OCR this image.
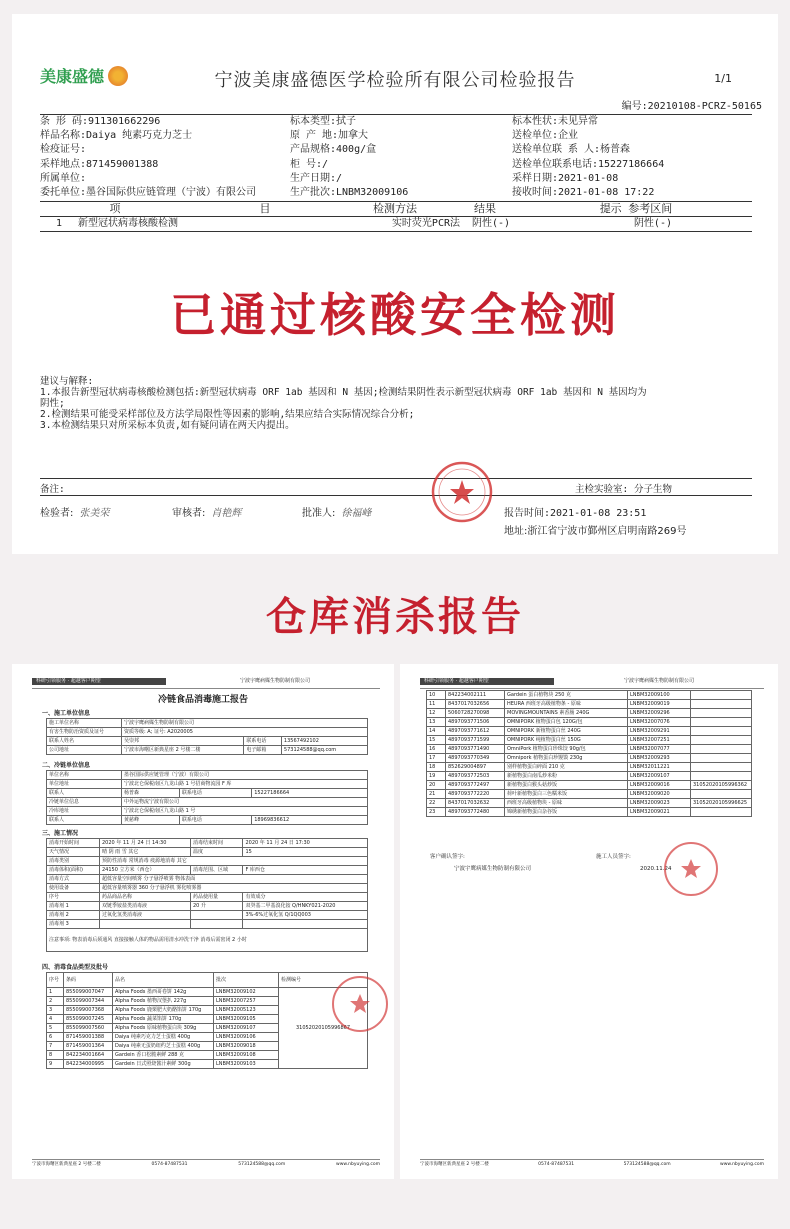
美康盛德	宁波美康盛德医学检验所有限公司检验报告	1/1
编号:20210108-PCRZ-50165
条 形 码:911301662296	标本类型:拭子	标本性状:未见异常
样品名称:Daiya 纯素巧克力芝士	原 产 地:加拿大	送检单位:企业
检疫证号:	产品规格:400g/盒	送检单位联 系 人:杨普森
采样地点:871459001388	柜 号:/	送检单位联系电话:15227186664
所属单位:	生产日期:/	采样日期:2021-01-08
委托单位:墨谷国际供应链管理（宁波）有限公司	生产批次:LNBM32009106	接收时间:2021-01-08 17:22
项	目	检测方法	结果	提示 参考区间
1	新型冠状病毒核酸检测	实时荧光PCR法	阴性(-)	阴性(-)
已通过核酸安全检测
建议与解释:
1.本报告新型冠状病毒核酸检测包括:新型冠状病毒 ORF 1ab 基因和 N 基因;检测结果阴性表示新型冠状病毒 ORF 1ab 基因和 N 基因均为
阴性;
2.检测结果可能受采样部位及方法学局限性等因素的影响,结果应结合实际情况综合分析;
3.本检测结果只对所采标本负责,如有疑问请在两天内提出。
备注:	主检实验室: 分子生物
检验者: 张美荣	审核者: 肖艳辉	批准人: 徐福峰	报告时间:2021-01-08 23:51
地址:浙江省宁波市鄞州区启明南路269号
仓库消杀报告
科研引领服务 · 超越客户期望	宁波宇鹰病媒生物防制有限公司
冷链食品消毒施工报告
一、施工单位信息
施工单位名称	宁波宇鹰病媒生物防制有限公司		
有害生物防治资质及证号	资质等级: A; 证号: A2020005		
联系人姓名	吴崇邦	联系电话	13567492102
公司地址	宁波市海曙区新典星座 2 号楼二楼	电子邮箱	573124588@qq.com
二、冷链单位信息
单位名称	墨谷国际供应链管理（宁波）有限公司		
单位地址	宁波北仑保税南区九龙山路 1 号招商物流园 F 库		
联系人	杨普森	联系电话	15227186664
冷链单位信息	中外运物流宁波有限公司		
冷库地址	宁波北仑保税南区九龙山路 1 号		
联系人	黄慈峰	联系电话	18969836612
三、施工情况
消毒开始时间	2020 年 11 月 24 日 14:30	消毒结束时间	2020 年 11 月 24 日 17:30
天气情况	晴 阴 雨 雪 其它	温度	15
消毒类别	预防性消毒 常规消毒 疫源地消毒 其它		
消毒体积(面积)	24150 立方米（西仓）	消毒范围、区域	F 库西仓
消毒方式	超低容量空间喷雾 分子悬浮喷雾 物体表面		
使用设备	超低容量喷雾器 360 分子悬浮机 雾化喷雾器		
序号	药品商品名称	药品使用量	有效成分
消毒剂 1	双链季铵盐类消毒液	20 升	双癸基二甲基溴化铵 Q/HNKY021-2020
消毒剂 2	过氧化氢类消毒液		3%-6%过氧化氢 Q/1QQ003
消毒剂 3			
注意事项: 物表消毒后须通风 直接接触人体的物品需用清水冲洗干净 消毒后需密闭 2 小时			
四、消毒食品类型及批号
序号	条码	品名	批次	检测编号
1	855099007047	Alpha Foods 墨西哥卷饼 142g	LNBM32009102	31052020105996867
2	855099007344	Alpha Foods 植物汉堡扒 227g	LNBM32007257	
3	855099007368	Alpha Foods 鹿栗肥大奶酪馅饼 170g	LNBM32005123	
4	855099007245	Alpha Foods 蔬菜馅饼 170g	LNBM32009105	
5	855099007560	Alpha Foods 原味植物蛋白块 309g	LNBM32009107	
6	871459001388	Daiya 纯素巧克力芝士蛋糕 400g	LNBM32009106	
7	871459001364	Daiya 纯素无蛋奶纽约芝士蛋糕 400g	LNBM32009018	
8	842234001664	Gardein 香口松脆素鲜 288 克	LNBM32009108	
9	842234000995	Gardein 日式照烧酱汁素鲜 300g	LNBM32009103	
宁波市海曙区新典星座 2 号楼二楼	0574-87487531	573124588@qq.com	www.nbyuying.com
科研引领服务 · 超越客户期望	宁波宇鹰病媒生物防制有限公司
10	842234002111	Gardein 蛋白植物块 250 克	LNBM32009100	
11	8437017032656	HEURA 西班牙高级植物条 - 原味	LNBM32009019	
12	5060728270098	MOVINGMOUNTAINS 素香肠 240G	LNBM32009296	
13	4897093771506	OMNIPORK 植物蛋白包 120G/包	LNBM32007076	
14	4897093771612	OMNIPORK 新植物蛋白丝 240G	LNBM32009291	
15	4897093771599	OMNIPORK 纯植物蛋白丝 150G	LNBM32007251	
16	4897093771490	OmniPork 植物蛋白珍珠饺 90g/包	LNBM32007077	
17	4897093770349	Omnipork 植物蛋白珍馒馍 230g	LNBM32009293	
18	852629004897	别样植物蛋白碎面 210 克	LNBM32011221	
19	4897093772503	新植物蛋白南瓜炒米粉	LNBM32009107	
20	4897093772497	新植物蛋白猴头菇炒饭	LNBM32009016	31052020105996362
21	4897093772220	荷叶新植物蛋白三色糯米饭	LNBM32009020	
22	8437017032632	西班牙高级植物块 - 原味	LNBM32009023	31052020105996625
23	4897093772480	锦绣新植物蛋白杂谷饭	LNBM32009021	
客户确认签字:	施工人员签字:
宁波宇鹰病媒生物防制有限公司	2020.11.24
宁波市海曙区新典星座 2 号楼二楼	0574-87487531	573124588@qq.com	www.nbyuying.com
